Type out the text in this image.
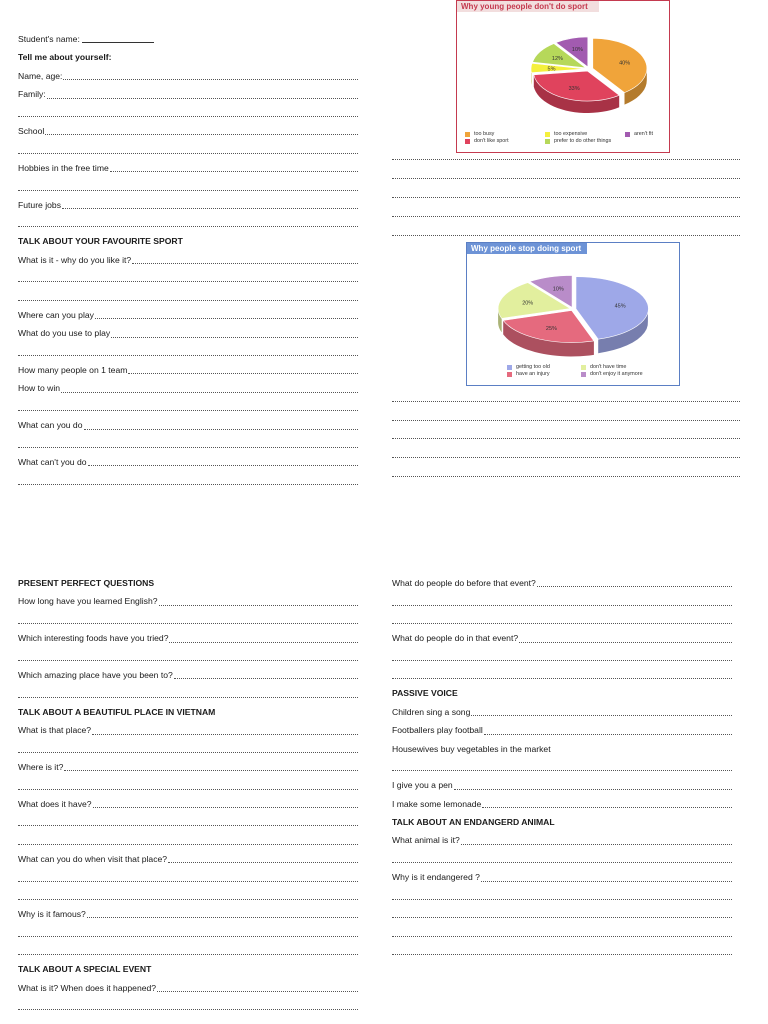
Student's name:
Tell me about yourself:
Name, age:
Family:
School
Hobbies in the free time
Future jobs
TALK ABOUT YOUR FAVOURITE SPORT
What is it - why do you like it?
Where can you play
What do you use to play
How many people on 1 team
How to win
What can you do
What can't you do
PRESENT PERFECT QUESTIONS
How long have you learned English?
Which interesting foods have you tried?
Which amazing place have you been to?
TALK ABOUT A BEAUTIFUL PLACE IN VIETNAM
What is that place?
Where is it?
What does it have?
What can you do when visit that place?
Why is it famous?
TALK ABOUT A SPECIAL EVENT
What is it? When does it happened?
What do people do before that event?
What do people do in that event?
PASSIVE VOICE
Children sing a song
Footballers play football
Housewives buy vegetables in the market
I give you a pen
I make some lemonade
TALK ABOUT AN ENDANGERD ANIMAL
What animal is it?
Why is it endangered ?
40%
33%
5%
12%
10%
Why young people don't do sport
too busy
don't like sport
too expensive
prefer to do other things
aren't fit
45%
25%
20%
10%
Why people stop doing sport
getting too old
have an injury
don't have time
don't enjoy it anymore
